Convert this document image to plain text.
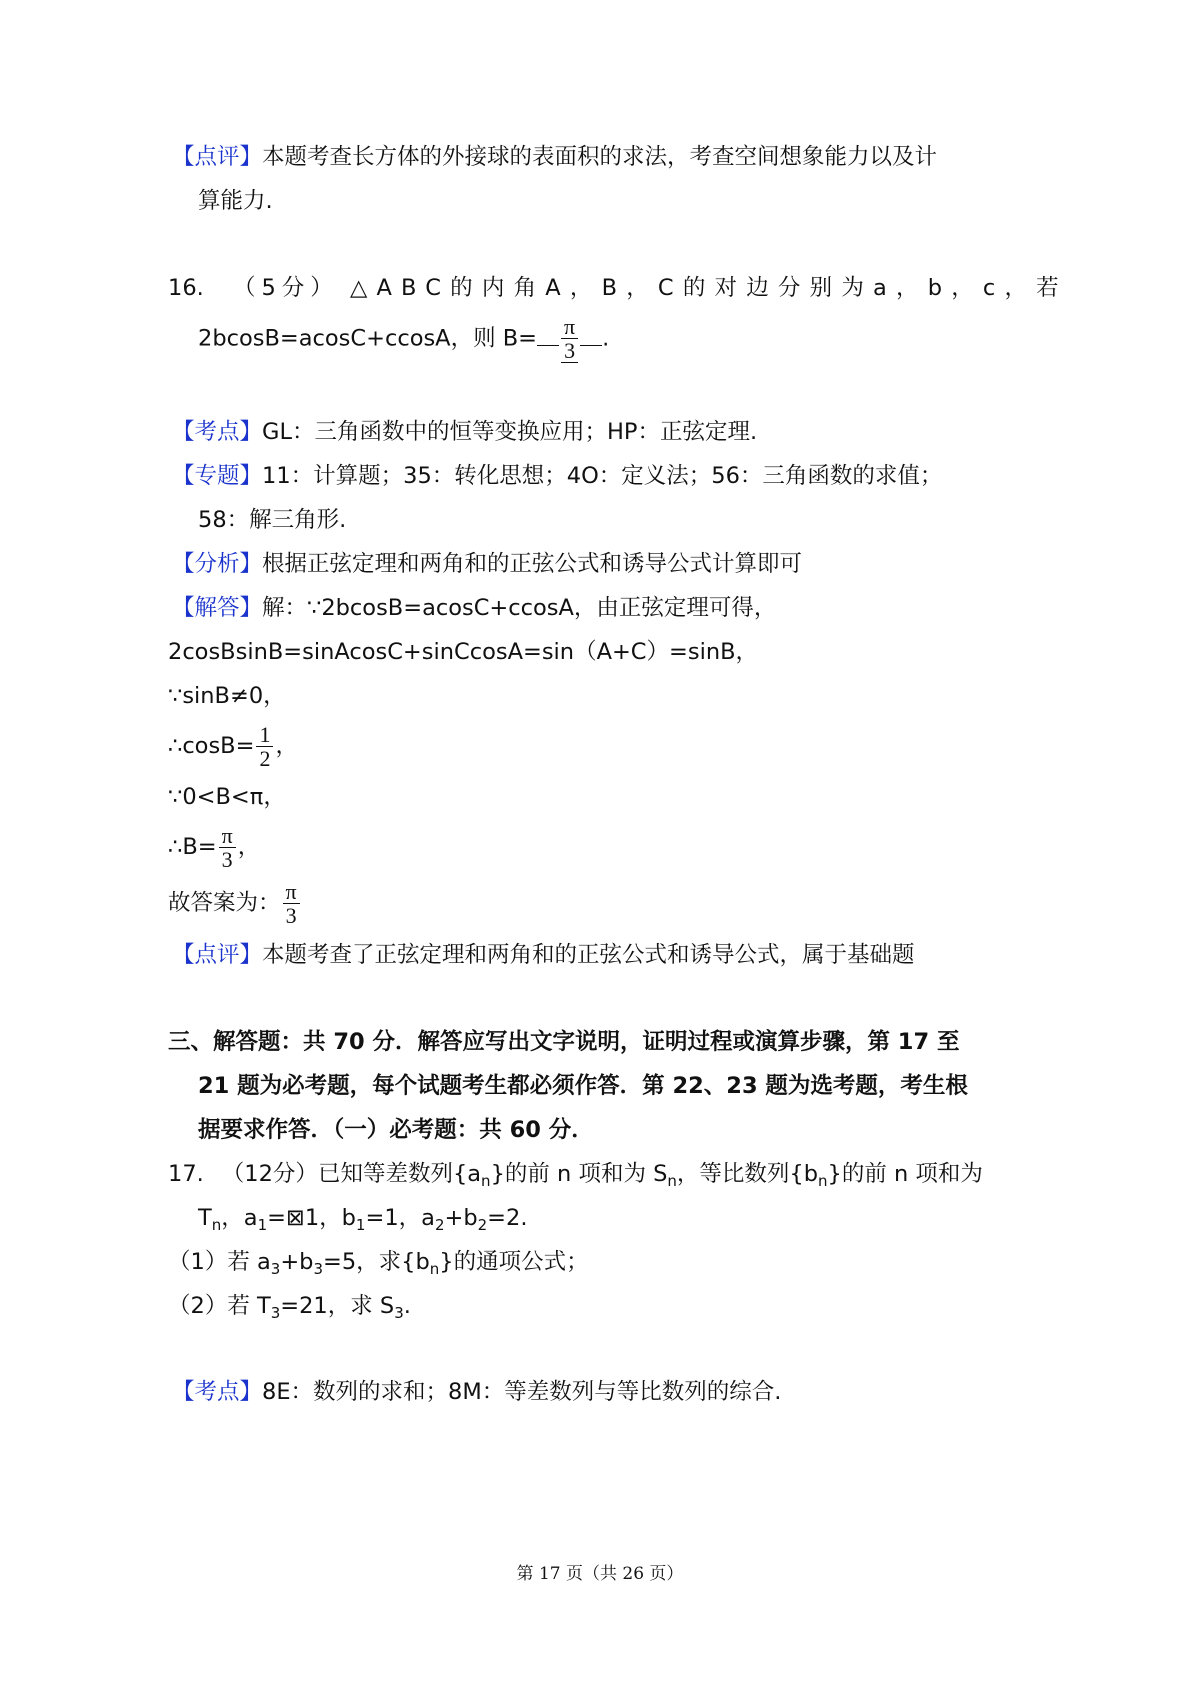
【点评】本题考查长方体的外接球的表面积的求法，考查空间想象能力以及计
算能力.
16. （5分） △ABC的内角A，B，C的对边分别为a，b，c，若
2bcosB=acosC+ccosA，则 $B= \frac{\pi}{3}$ .
【考点】GL：三角函数中的恒等变换应用；HP：正弦定理.
【专题】11：计算题；35：转化思想；4O：定义法；56：三角函数的求值；
58：解三角形.
【分析】根据正弦定理和两角和的正弦公式和诱导公式计算即可
【解答】解：∵2bcosB=acosC+ccosA，由正弦定理可得，
2cosBsinB=sinAcosC+sinCcosA=sin（A+C）=sinB，
∵sinB≠0，
∴cosB= $\frac{1}{2}$ ，
∵0<B<π，
∴B= $\frac{\pi}{3}$ ，
故答案为： $\frac{\pi}{3}$
【点评】本题考查了正弦定理和两角和的正弦公式和诱导公式，属于基础题
三、解答题：共 70 分．解答应写出文字说明，证明过程或演算步骤，第 17 至
21 题为必考题，每个试题考生都必须作答．第 22、23 题为选考题，考生根
据要求作答．（一）必考题：共 60 分．
17. （12分）已知等差数列$\{a_n\}$的前 n 项和为 $S_n$，等比数列$\{b_n\}$的前 n 项和为
$T_n$，$a_1=⊠1$，$b_1=1$，$a_2+b_2=2$.
（1）若 $a_3+b_3=5$，求$\{b_n\}$的通项公式；
（2）若 $T_3=21$，求 $S_3$.
【考点】8E：数列的求和；8M：等差数列与等比数列的综合.
第 17 页（共 26 页）
